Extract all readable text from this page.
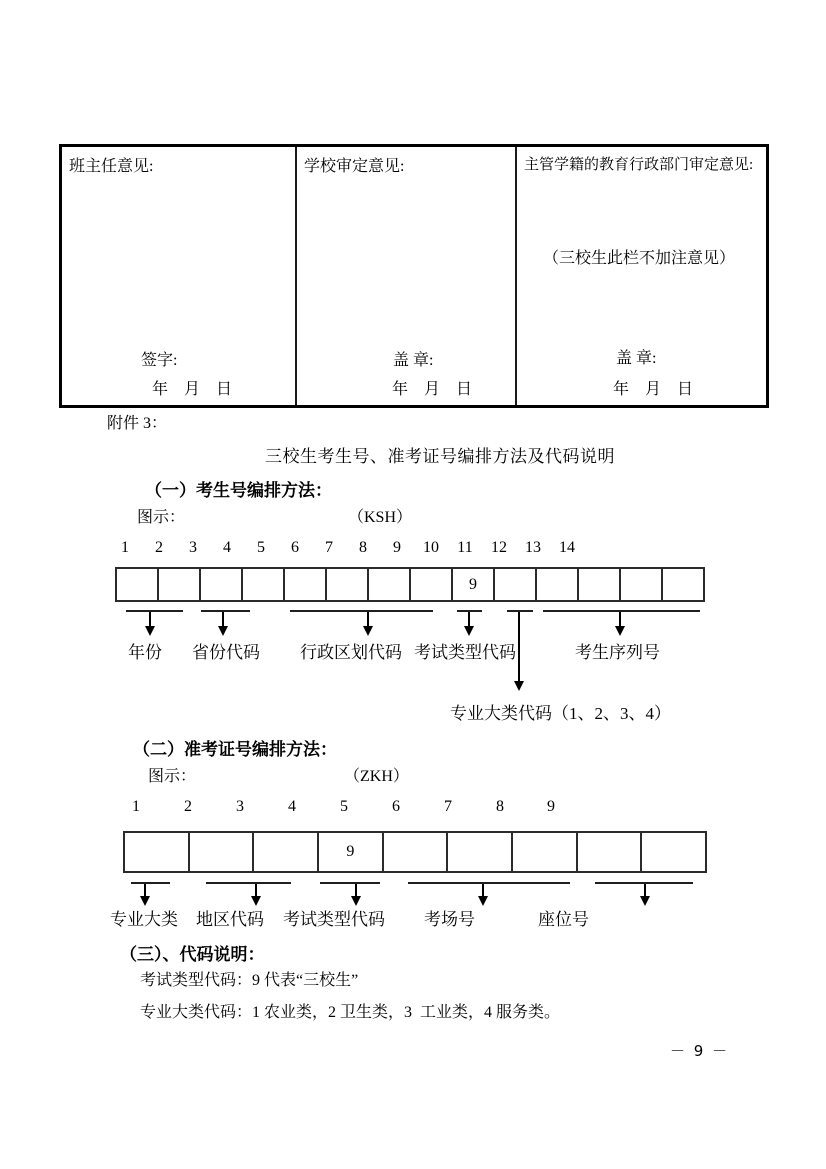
班主任意见:
签字:
年　月　日
学校审定意见:
盖 章:
年　月　日
主管学籍的教育行政部门审定意见:
（三校生此栏不加注意见）
盖 章:
年　月　日
附件 3：
三校生考生号、准考证号编排方法及代码说明
（一）考生号编排方法：
图示：	（KSH）
1 2 3 4 5 6 7 8 9 10 11 12 13 14
9
年份 省份代码 行政区划代码 考试类型代码	考生序列号
专业大类代码（1、2、3、4）
（二）准考证号编排方法：
图示：	（ZKH）
1	2	3	4	5	6	7	8	9
9
专业大类 地区代码 考试类型代码 考场号	座位号
（三）、代码说明：
考试类型代码：9 代表“三校生”
专业大类代码：1 农业类，2 卫生类，3  工业类，4 服务类。
－ 9 －
